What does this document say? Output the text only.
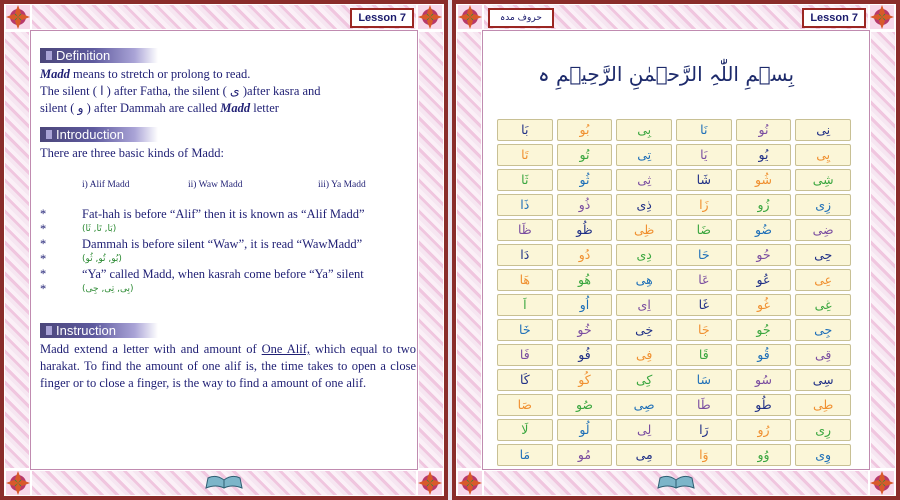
Lesson 7
Definition

Madd means to stretch or prolong to read.

The silent ( ا ) after Fatha, the silent ( ی )after kasra and

silent ( و ) after Dammah are called Madd letter

Introduction

There are three basic kinds of Madd:

i) Alif Madd	ii) Waw Madd	iii) Ya Madd
*	Fat-hah is before “Alif” then it is known as “Alif Madd”
*	(بَا, تَا, ثَا)
*	Dammah is before silent “Waw”, it is read “WawMadd”
*	(بُو, تُو, ثُو)
*	“Ya” called Madd, when kasrah come before “Ya” silent
*	(بِی, تِی, جِی)
Instruction

Madd extend a letter with and amount of One Alif, which equal to two harakat. To find the amount of one alif is, the time takes to open a close finger or to close a finger, is the way to find a amount of one alif.

حروف مدہ	Lesson 7
بِسۡمِ اللّٰہِ الرَّحۡمٰنِ الرَّحِیۡمِ ہ
بَا	بُو	بِی	نَا	نُو	نِی
تَا	تُو	تِی	یَا	یُو	یِی
ثَا	ثُو	ثِی	شَا	شُو	شِی
ذَا	ذُو	ذِی	زَا	زُو	زِی
ظَا	ظُو	ظِی	ضَا	ضُو	ضِی
دَا	دُو	دِی	حَا	حُو	حِی
هَا	هُو	هِی	عَا	عُو	عِی
اَ	اُو	اِی	غَا	غُو	غِی
خَا	خُو	خِی	جَا	جُو	جِی
فَا	فُو	فِی	قَا	قُو	قِی
کَا	کُو	کِی	سَا	سُو	سِی
صَا	صُو	صِی	طَا	طُو	طِی
لَا	لُو	لِی	رَا	رُو	رِی
مَا	مُو	مِی	وَا	وُو	وِی
